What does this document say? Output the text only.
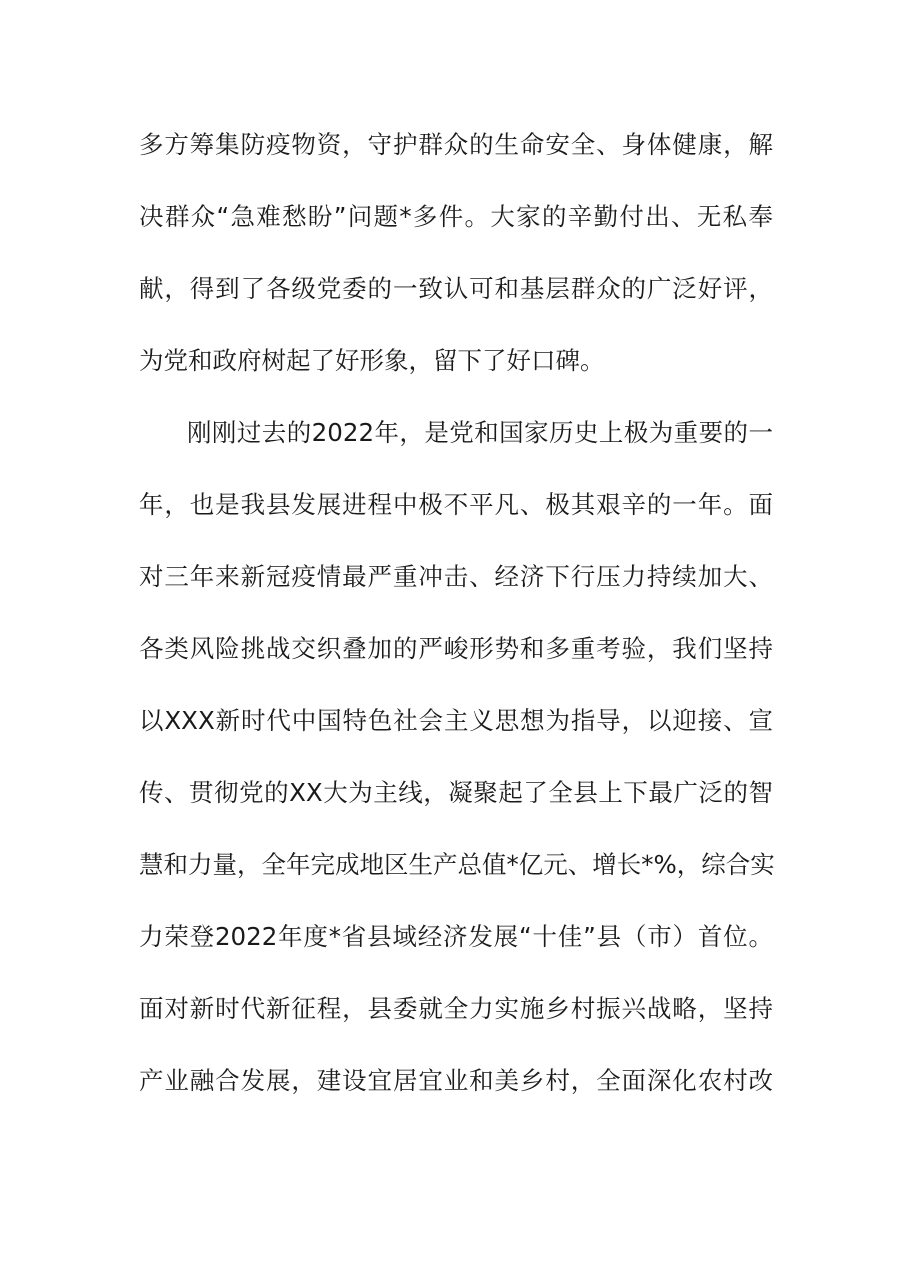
多方筹集防疫物资，守护群众的生命安全、身体健康，解
决群众“急难愁盼”问题*多件。大家的辛勤付出、无私奉
献，得到了各级党委的一致认可和基层群众的广泛好评，
为党和政府树起了好形象，留下了好口碑。
刚刚过去的2022年，是党和国家历史上极为重要的一
年，也是我县发展进程中极不平凡、极其艰辛的一年。面
对三年来新冠疫情最严重冲击、经济下行压力持续加大、
各类风险挑战交织叠加的严峻形势和多重考验，我们坚持
以XXX新时代中国特色社会主义思想为指导，以迎接、宣
传、贯彻党的XX大为主线，凝聚起了全县上下最广泛的智
慧和力量，全年完成地区生产总值*亿元、增长*%，综合实
力荣登2022年度*省县域经济发展“十佳”县（市）首位。
面对新时代新征程，县委就全力实施乡村振兴战略，坚持
产业融合发展，建设宜居宜业和美乡村，全面深化农村改
